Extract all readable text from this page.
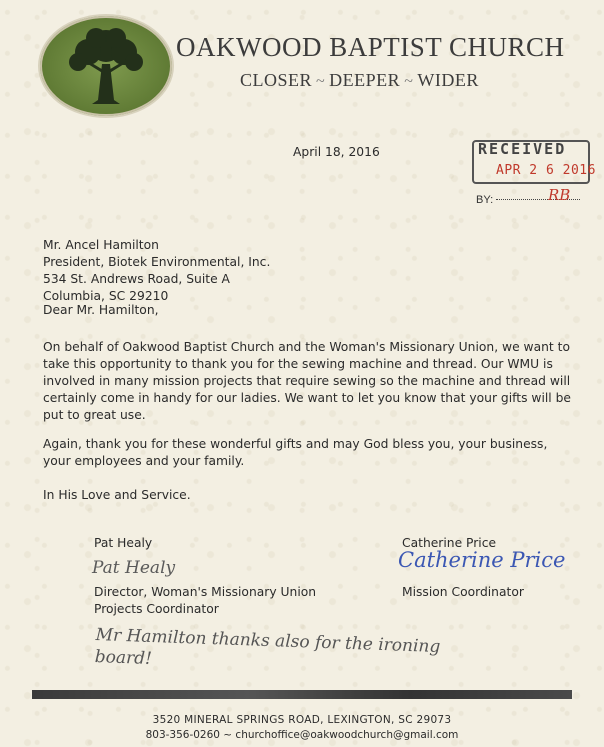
OAKWOOD BAPTIST CHURCH
CLOSER ~ DEEPER ~ WIDER
April 18, 2016	RECEIVED
APR 2 6 2016
BY:	RB
Mr. Ancel Hamilton
President, Biotek Environmental, Inc.
534 St. Andrews Road, Suite A
Columbia, SC 29210
Dear Mr. Hamilton,
On behalf of Oakwood Baptist Church and the Woman's Missionary Union, we want to take this opportunity to thank you for the sewing machine and thread. Our WMU is involved in many mission projects that require sewing so the machine and thread will certainly come in handy for our ladies. We want to let you know that your gifts will be put to great use.
Again, thank you for these wonderful gifts and may God bless you, your business, your employees and your family.
In His Love and Service.
Pat Healy
Pat Healy
Director, Woman's Missionary Union
Projects Coordinator
Catherine Price
Catherine Price
Mission Coordinator
Mr Hamilton thanks also for the ironing board!
3520 MINERAL SPRINGS ROAD, LEXINGTON, SC 29073
803-356-0260 ~ churchoffice@oakwoodchurch@gmail.com
